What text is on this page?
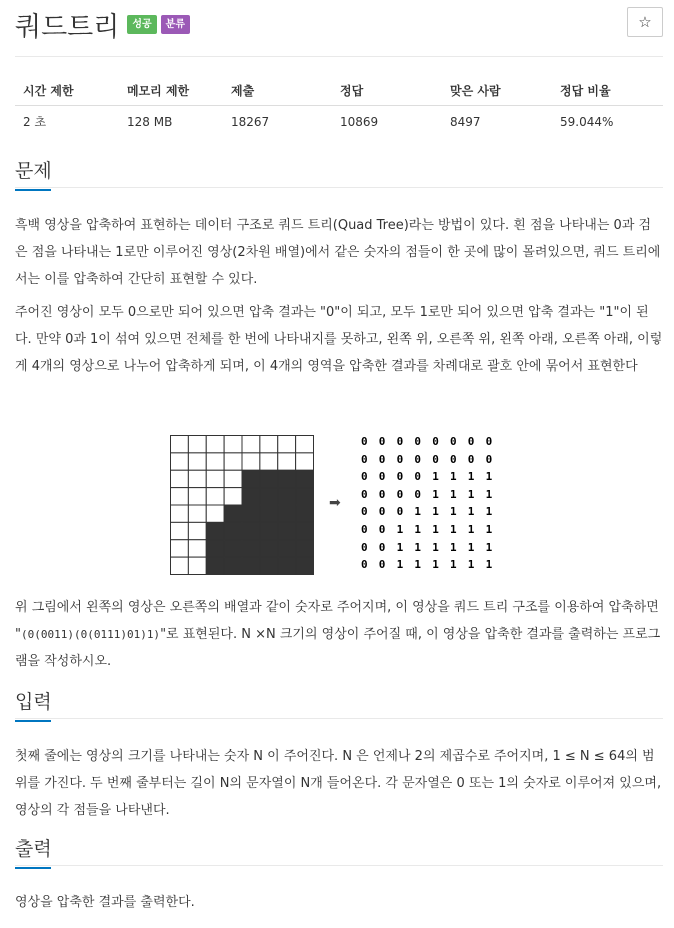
쿼드트리	성공	분류	☆
시간 제한	메모리 제한	제출	정답	맞은 사람	정답 비율
2 초	128 MB	18267	10869	8497	59.044%
문제
흑백 영상을 압축하여 표현하는 데이터 구조로 쿼드 트리(Quad Tree)라는 방법이 있다. 흰 점을 나타내는 0과 검은 점을 나타내는 1로만 이루어진 영상(2차원 배열)에서 같은 숫자의 점들이 한 곳에 많이 몰려있으면, 쿼드 트리에서는 이를 압축하여 간단히 표현할 수 있다.
주어진 영상이 모두 0으로만 되어 있으면 압축 결과는 "0"이 되고, 모두 1로만 되어 있으면 압축 결과는 "1"이 된다. 만약 0과 1이 섞여 있으면 전체를 한 번에 나타내지를 못하고, 왼쪽 위, 오른쪽 위, 왼쪽 아래, 오른쪽 아래, 이렇게 4개의 영상으로 나누어 압축하게 되며, 이 4개의 영역을 압축한 결과를 차례대로 괄호 안에 묶어서 표현한다
➡
0	0	0	0	0	0	0	0
0	0	0	0	0	0	0	0
0	0	0	0	1	1	1	1
0	0	0	0	1	1	1	1
0	0	0	1	1	1	1	1
0	0	1	1	1	1	1	1
0	0	1	1	1	1	1	1
0	0	1	1	1	1	1	1
위 그림에서 왼쪽의 영상은 오른쪽의 배열과 같이 숫자로 주어지며, 이 영상을 쿼드 트리 구조를 이용하여 압축하면 "(0(0011)(0(0111)01)1)"로 표현된다. N ×N 크기의 영상이 주어질 때, 이 영상을 압축한 결과를 출력하는 프로그램을 작성하시오.
입력
첫째 줄에는 영상의 크기를 나타내는 숫자 N 이 주어진다. N 은 언제나 2의 제곱수로 주어지며, 1 ≤ N ≤ 64의 범위를 가진다. 두 번째 줄부터는 길이 N의 문자열이 N개 들어온다. 각 문자열은 0 또는 1의 숫자로 이루어져 있으며, 영상의 각 점들을 나타낸다.
출력
영상을 압축한 결과를 출력한다.
